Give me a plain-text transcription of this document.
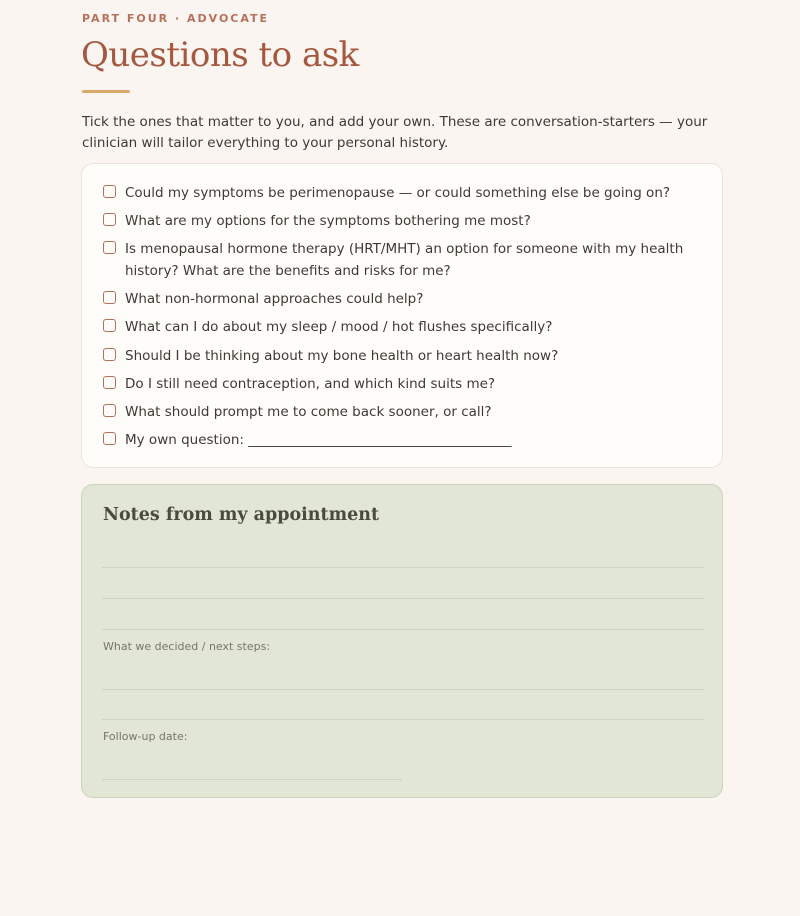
PART FOUR · ADVOCATE
Questions to ask
Tick the ones that matter to you, and add your own. These are conversation-starters — your clinician will tailor everything to your personal history.
Could my symptoms be perimenopause — or could something else be going on?
What are my options for the symptoms bothering me most?
Is menopausal hormone therapy (HRT/MHT) an option for someone with my health history? What are the benefits and risks for me?
What non-hormonal approaches could help?
What can I do about my sleep / mood / hot flushes specifically?
Should I be thinking about my bone health or heart health now?
Do I still need contraception, and which kind suits me?
What should prompt me to come back sooner, or call?
My own question: _______________________________________
Notes from my appointment
What we decided / next steps:
Follow-up date:
